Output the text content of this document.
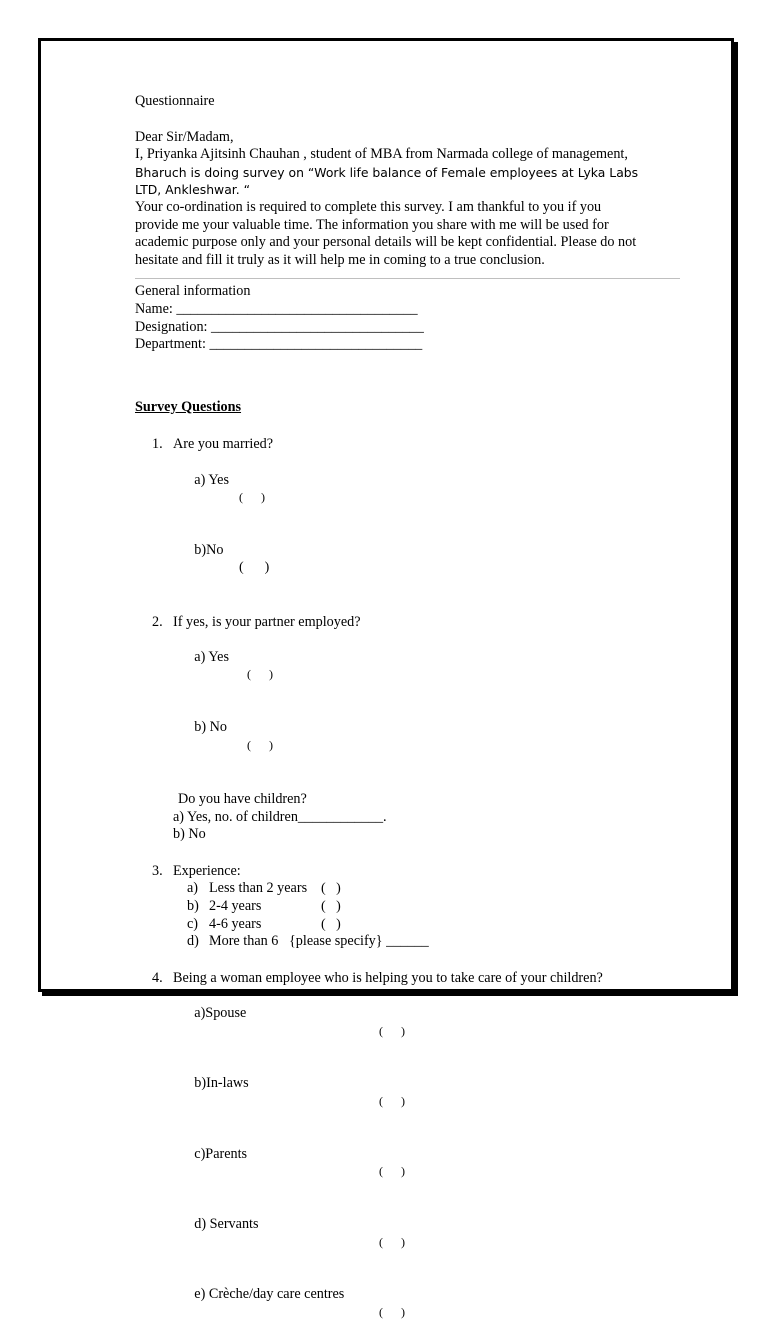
Questionnaire

Dear Sir/Madam,

I, Priyanka Ajitsinh Chauhan , student of MBA from Narmada college of management,

Bharuch is doing survey on “Work life balance of Female employees at Lyka Labs

LTD, Ankleshwar. “

Your co-ordination is required to complete this survey. I am thankful to you if you

provide me your valuable time. The information you share with me will be used for

academic purpose only and your personal details will be kept confidential. Please do not

hesitate and fill it truly as it will help me in coming to a true conclusion.

General information

Name: __________________________________

Designation: ______________________________

Department: ______________________________

Survey Questions

1. Are you married?

a) Yes

(      )

b)No

(      )

2. If yes, is your partner employed?

a) Yes

(      )

b) No

(      )

Do you have children?
a) Yes, no. of children____________.
b) No
3. Experience:
a) Less than 2 years (   )
b) 2-4 years	(   )
c) 4-6 years	(   )
d) More than 6   {please specify} ______
4. Being a woman employee who is helping you to take care of your children?

a)Spouse

(      )

b)In-laws

(      )

c)Parents

(      )

d) Servants

(      )

e) Crèche/day care centres

(      )
